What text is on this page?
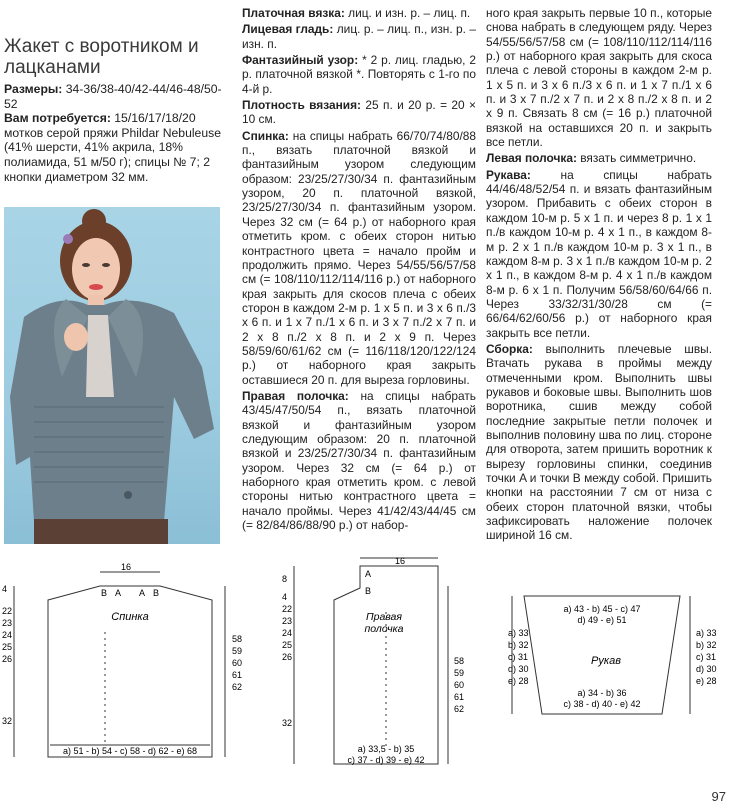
Жакет с воротником и лацканами
Размеры: 34-36/38-40/42-44/46-48/50-52
Вам потребуется: 15/16/17/18/20 мотков серой пряжи Phildar Nebuleuse (41% шерсти, 41% акрила, 18% полиамида, 51 м/50 г); спицы № 7; 2 кнопки диаметром 32 мм.

Платочная вязка: лиц. и изн. р. – лиц. п.

Лицевая гладь: лиц. р. – лиц. п., изн. р. – изн. п.

Фантазийный узор: * 2 р. лиц. гладью, 2 р. платочной вязкой *. Повторять с 1-го по 4-й р.

Плотность вязания: 25 п. и 20 р. = 20 × 10 см.

Спинка: на спицы набрать 66/70/74/80/88 п., вязать платочной вязкой и фантазийным узором следующим образом: 23/25/27/30/34 п. фантазийным узором, 20 п. платочной вязкой, 23/25/27/30/34 п. фантазийным узором. Через 32 см (= 64 р.) от наборного края отметить кром. с обеих сторон нитью контрастного цвета = начало пройм и продолжить прямо. Через 54/55/56/57/58 см (= 108/110/112/114/116 р.) от наборного края закрыть для скосов плеча с обеих сторон в каждом 2-м р. 1 х 5 п. и 3 х 6 п./3 х 6 п. и 1 х 7 п./1 х 6 п. и 3 х 7 п./2 х 7 п. и 2 х 8 п./2 х 8 п. и 2 х 9 п. Через 58/59/60/61/62 см (= 116/118/120/122/124 р.) от наборного края закрыть оставшиеся 20 п. для выреза горловины.

Правая полочка: на спицы набрать 43/45/47/50/54 п., вязать платочной вязкой и фантазийным узором следующим образом: 20 п. платочной вязкой и 23/25/27/30/34 п. фантазийным узором. Через 32 см (= 64 р.) от наборного края отметить кром. с левой стороны нитью контрастного цвета = начало проймы. Через 41/42/43/44/45 см (= 82/84/86/88/90 р.) от набор-

ного края закрыть первые 10 п., которые снова набрать в следующем ряду. Через 54/55/56/57/58 см (= 108/110/112/114/116 р.) от наборного края закрыть для скоса плеча с левой стороны в каждом 2-м р. 1 х 5 п. и 3 х 6 п./3 х 6 п. и 1 х 7 п./1 х 6 п. и 3 х 7 п./2 х 7 п. и 2 х 8 п./2 х 8 п. и 2 х 9 п. Связать 8 см (= 16 р.) платочной вязкой на оставшихся 20 п. и закрыть все петли.

Левая полочка: вязать симметрично.

Рукава: на спицы набрать 44/46/48/52/54 п. и вязать фантазийным узором. Прибавить с обеих сторон в каждом 10-м р. 5 х 1 п. и через 8 р. 1 х 1 п./в каждом 10-м р. 4 х 1 п., в каждом 8-м р. 2 х 1 п./в каждом 10-м р. 3 х 1 п., в каждом 8-м р. 3 х 1 п./в каждом 10-м р. 2 х 1 п., в каждом 8-м р. 4 х 1 п./в каждом 8-м р. 6 х 1 п. Получим 56/58/60/64/66 п. Через 33/32/31/30/28 см (= 66/64/62/60/56 р.) от наборного края закрыть все петли.

Сборка: выполнить плечевые швы. Втачать рукава в проймы между отмеченными кром. Выполнить швы рукавов и боковые швы. Выполнить шов воротника, сшив между собой последние закрытые петли полочек и выполнив половину шва по лиц. стороне для отворота, затем пришить воротник к вырезу горловины спинки, соединив точки A и точки B между собой. Пришить кнопки на расстоянии 7 см от низа с обеих сторон платочной вязки, чтобы зафиксировать наложение полочек шириной 16 см.

16
B A A B
Спинка
4
22
23
24
25
26
32
58
59
60
61
62
a) 51 - b) 54 - c) 58 - d) 62 - e) 68
16
A
B
Правая полочка
8
4
22
23
24
25
26
32
58
59
60
61
62
a) 33,5 - b) 35
c) 37 - d) 39 - e) 42
a) 43 - b) 45 - c) 47
d) 49 - e) 51
Рукав
a) 34 - b) 36
c) 38 - d) 40 - e) 42
a) 33
b) 32
c) 31
d) 30
e) 28
a) 33
b) 32
c) 31
d) 30
e) 28
97
